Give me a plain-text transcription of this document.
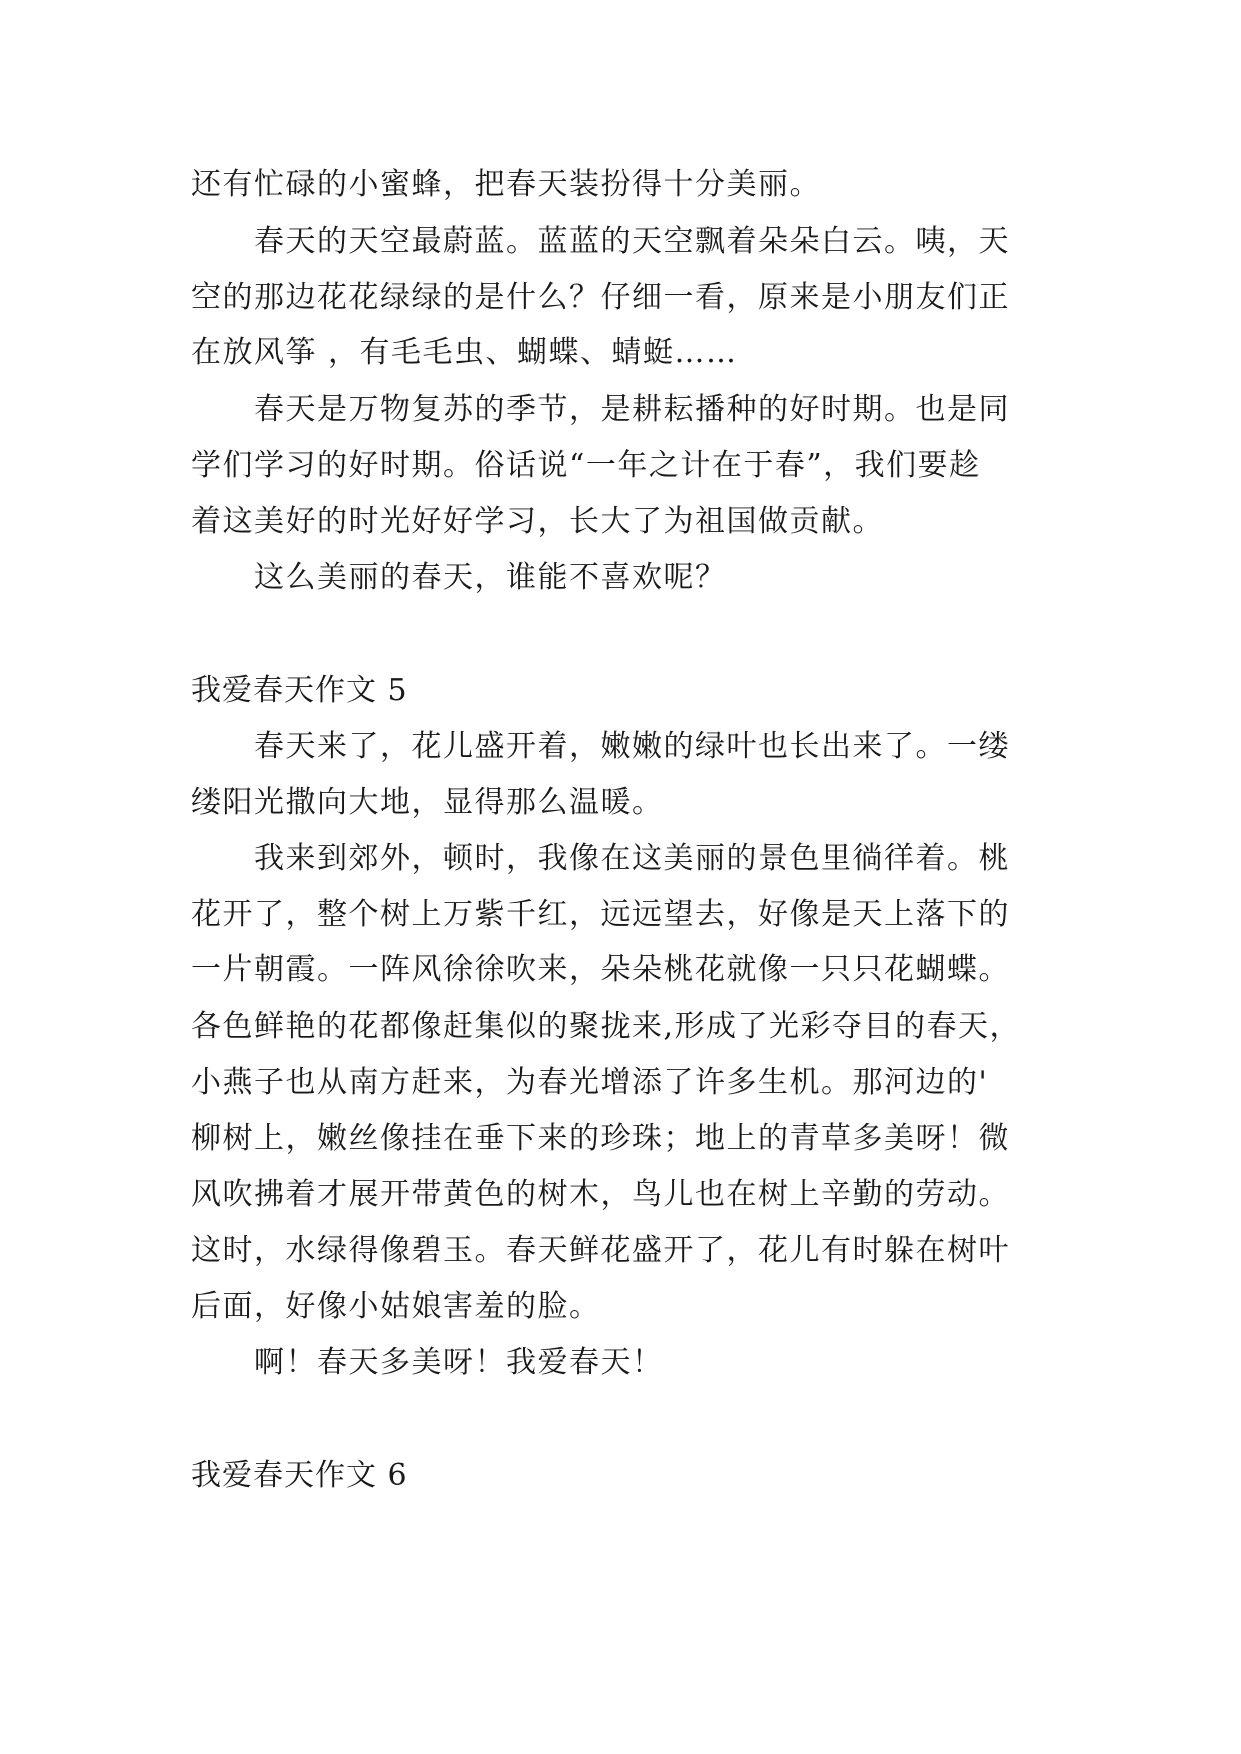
还有忙碌的小蜜蜂，把春天装扮得十分美丽。
春天的天空最蔚蓝。蓝蓝的天空飘着朵朵白云。咦，天
空的那边花花绿绿的是什么？仔细一看，原来是小朋友们正
在放风筝 ，有毛毛虫、蝴蝶、蜻蜓……
春天是万物复苏的季节，是耕耘播种的好时期。也是同
学们学习的好时期。俗话说“一年之计在于春”，我们要趁
着这美好的时光好好学习，长大了为祖国做贡献。
这么美丽的春天，谁能不喜欢呢？
我爱春天作文 5
春天来了，花儿盛开着，嫩嫩的绿叶也长出来了。一缕
缕阳光撒向大地，显得那么温暖。
我来到郊外，顿时，我像在这美丽的景色里徜徉着。桃
花开了，整个树上万紫千红，远远望去，好像是天上落下的
一片朝霞。一阵风徐徐吹来，朵朵桃花就像一只只花蝴蝶。
各色鲜艳的花都像赶集似的聚拢来,形成了光彩夺目的春天，
小燕子也从南方赶来，为春光增添了许多生机。那河边的'
柳树上，嫩丝像挂在垂下来的珍珠；地上的青草多美呀！微
风吹拂着才展开带黄色的树木，鸟儿也在树上辛勤的劳动。
这时，水绿得像碧玉。春天鲜花盛开了，花儿有时躲在树叶
后面，好像小姑娘害羞的脸。
啊！春天多美呀！我爱春天！
我爱春天作文 6
